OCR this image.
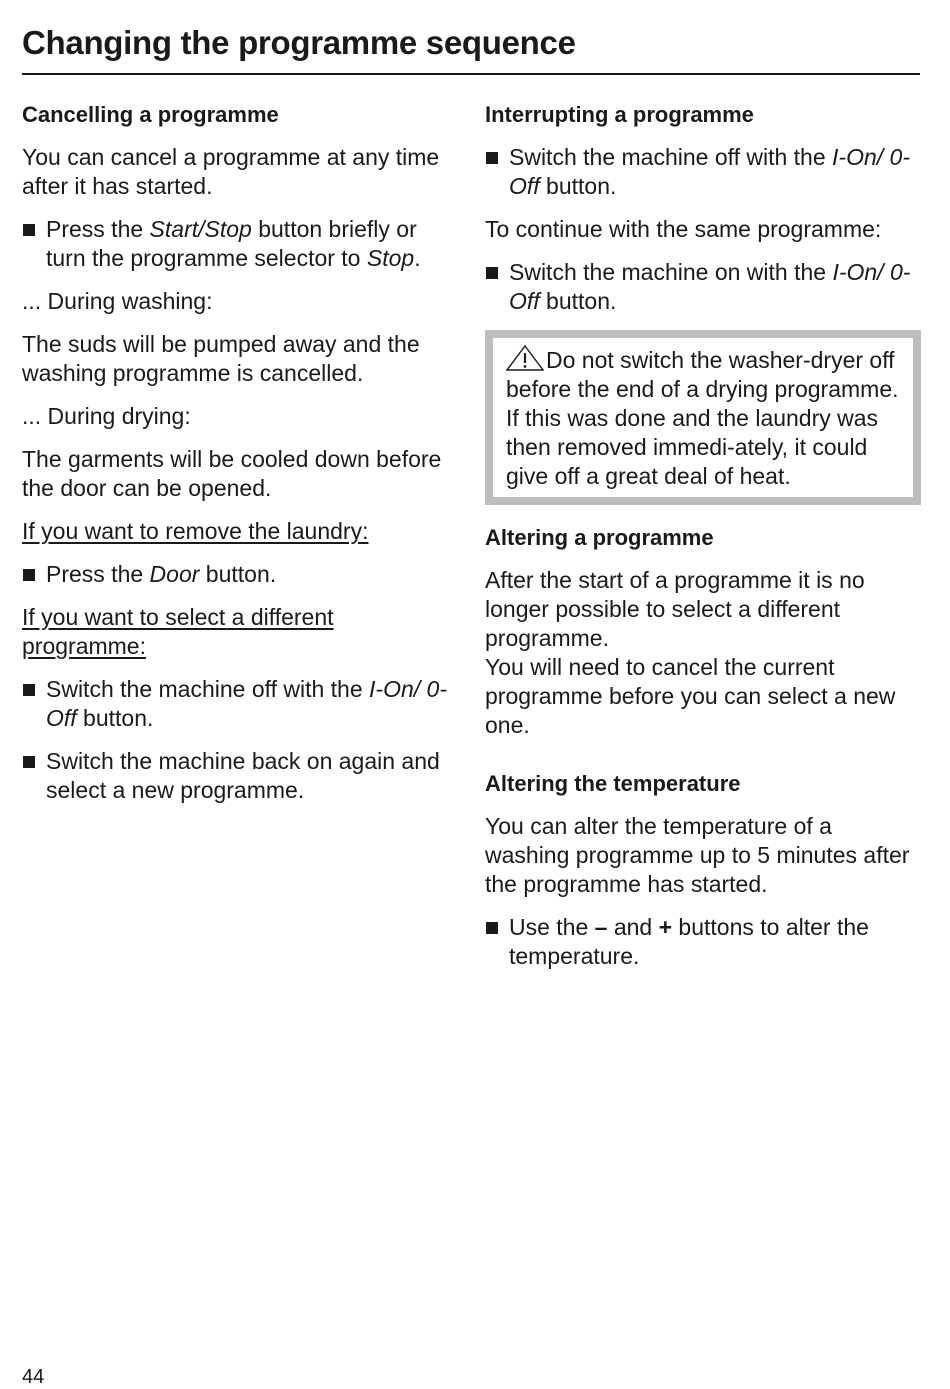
Changing the programme sequence
Cancelling a programme

You can cancel a programme at any time after it has started.

Press the Start/Stop button briefly or turn the programme selector to Stop.

... During washing:

The suds will be pumped away and the washing programme is cancelled.

... During drying:

The garments will be cooled down before the door can be opened.

If you want to remove the laundry:

Press the Door button.

If you want to select a different programme:

Switch the machine off with the I-On/ 0-Off button.
Switch the machine back on again and select a new programme.
Interrupting a programme
Switch the machine off with the I-On/ 0-Off button.

To continue with the same programme:

Switch the machine on with the I-On/ 0-Off button.
Do not switch the washer-dryer off before the end of a drying programme. If this was done and the laundry was then removed immedi-ately, it could give off a great deal of heat.
Altering a programme

After the start of a programme it is no longer possible to select a different programme.

You will need to cancel the current programme before you can select a new one.

Altering the temperature

You can alter the temperature of a washing programme up to 5 minutes after the programme has started.

Use the – and + buttons to alter the temperature.
44
